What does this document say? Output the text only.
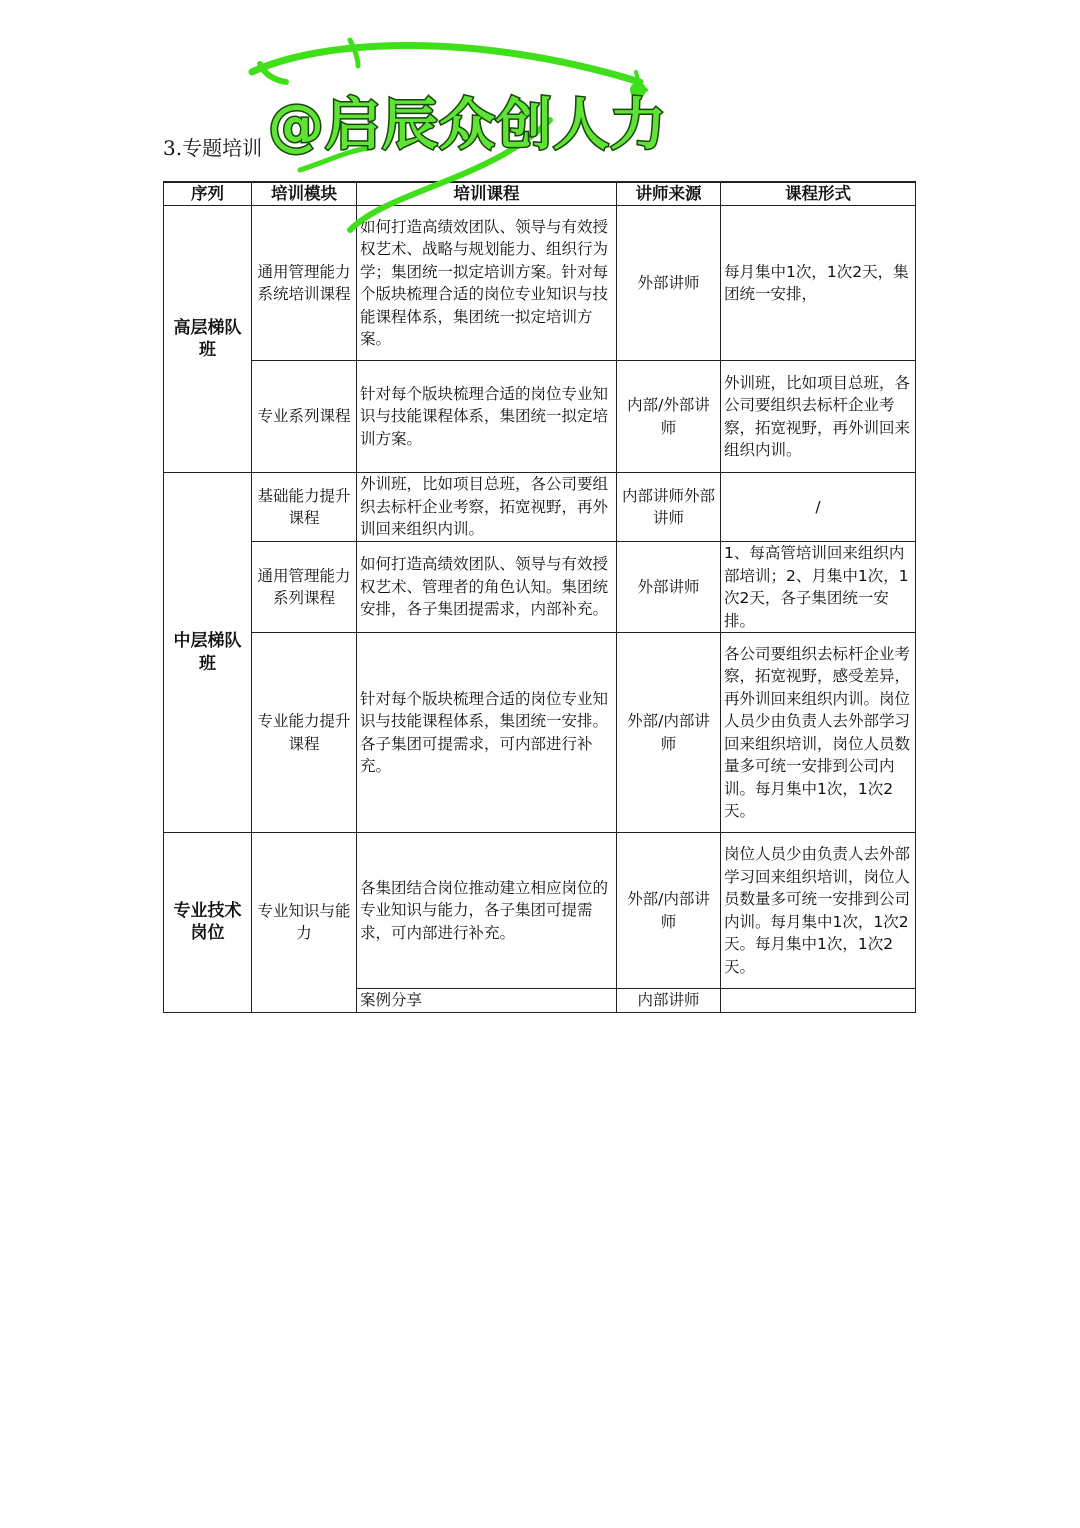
3.专题培训
序列	培训模块	培训课程	讲师来源	课程形式
高层梯队班	通用管理能力系统培训课程	如何打造高绩效团队、领导与有效授权艺术、战略与规划能力、组织行为学；集团统一拟定培训方案。针对每个版块梳理合适的岗位专业知识与技能课程体系，集团统一拟定培训方案。	外部讲师	每月集中1次，1次2天，集团统一安排，
	专业系列课程	针对每个版块梳理合适的岗位专业知识与技能课程体系，集团统一拟定培训方案。	内部/外部讲师	外训班，比如项目总班，各公司要组织去标杆企业考察，拓宽视野，再外训回来组织内训。
中层梯队班	基础能力提升课程	外训班，比如项目总班，各公司要组织去标杆企业考察，拓宽视野，再外训回来组织内训。	内部讲师外部讲师	/
	通用管理能力系列课程	如何打造高绩效团队、领导与有效授权艺术、管理者的角色认知。集团统安排，各子集团提需求，内部补充。	外部讲师	1、每高管培训回来组织内部培训；2、月集中1次，1次2天，各子集团统一安排。
	专业能力提升课程	针对每个版块梳理合适的岗位专业知识与技能课程体系，集团统一安排。各子集团可提需求，可内部进行补充。	外部/内部讲师	各公司要组织去标杆企业考察，拓宽视野，感受差异，再外训回来组织内训。岗位人员少由负责人去外部学习回来组织培训，岗位人员数量多可统一安排到公司内训。每月集中1次，1次2天。
专业技术岗位	专业知识与能力	各集团结合岗位推动建立相应岗位的专业知识与能力，各子集团可提需求，可内部进行补充。	外部/内部讲师	岗位人员少由负责人去外部学习回来组织培训，岗位人员数量多可统一安排到公司内训。每月集中1次，1次2天。每月集中1次，1次2天。
		案例分享	内部讲师	
@启辰众创人力
